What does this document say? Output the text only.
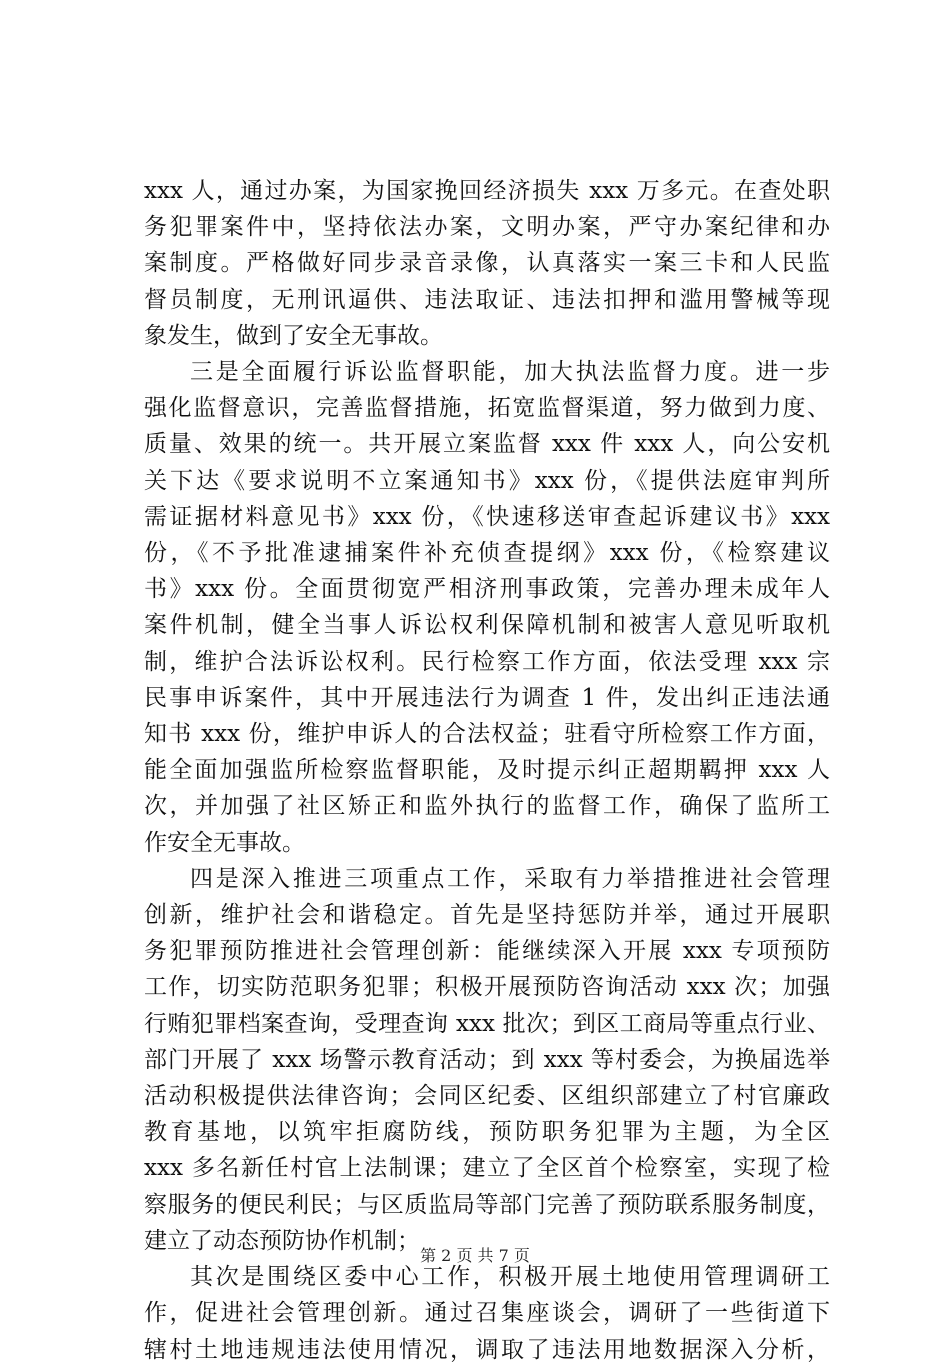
xxx 人，通过办案，为国家挽回经济损失 xxx 万多元。在查处职
务犯罪案件中，坚持依法办案，文明办案，严守办案纪律和办
案制度。严格做好同步录音录像，认真落实一案三卡和人民监
督员制度，无刑讯逼供、违法取证、违法扣押和滥用警械等现
象发生，做到了安全无事故。
三是全面履行诉讼监督职能，加大执法监督力度。进一步
强化监督意识，完善监督措施，拓宽监督渠道，努力做到力度、
质量、效果的统一。共开展立案监督 xxx 件 xxx 人，向公安机
关下达《要求说明不立案通知书》xxx 份，《提供法庭审判所
需证据材料意见书》xxx 份，《快速移送审查起诉建议书》xxx
份，《不予批准逮捕案件补充侦查提纲》xxx 份，《检察建议
书》xxx 份。全面贯彻宽严相济刑事政策，完善办理未成年人
案件机制，健全当事人诉讼权利保障机制和被害人意见听取机
制，维护合法诉讼权利。民行检察工作方面，依法受理 xxx 宗
民事申诉案件，其中开展违法行为调查 1 件，发出纠正违法通
知书 xxx 份，维护申诉人的合法权益；驻看守所检察工作方面，
能全面加强监所检察监督职能，及时提示纠正超期羁押 xxx 人
次，并加强了社区矫正和监外执行的监督工作，确保了监所工
作安全无事故。
四是深入推进三项重点工作，采取有力举措推进社会管理
创新，维护社会和谐稳定。首先是坚持惩防并举，通过开展职
务犯罪预防推进社会管理创新：能继续深入开展 xxx 专项预防
工作，切实防范职务犯罪；积极开展预防咨询活动 xxx 次；加强
行贿犯罪档案查询，受理查询 xxx 批次；到区工商局等重点行业、
部门开展了 xxx 场警示教育活动；到 xxx 等村委会，为换届选举
活动积极提供法律咨询；会同区纪委、区组织部建立了村官廉政
教育基地，以筑牢拒腐防线，预防职务犯罪为主题，为全区
xxx 多名新任村官上法制课；建立了全区首个检察室，实现了检
察服务的便民利民；与区质监局等部门完善了预防联系服务制度，
建立了动态预防协作机制；
其次是围绕区委中心工作，积极开展土地使用管理调研工
作，促进社会管理创新。通过召集座谈会，调研了一些街道下
辖村土地违规违法使用情况，调取了违法用地数据深入分析，
第 2 页 共 7 页
